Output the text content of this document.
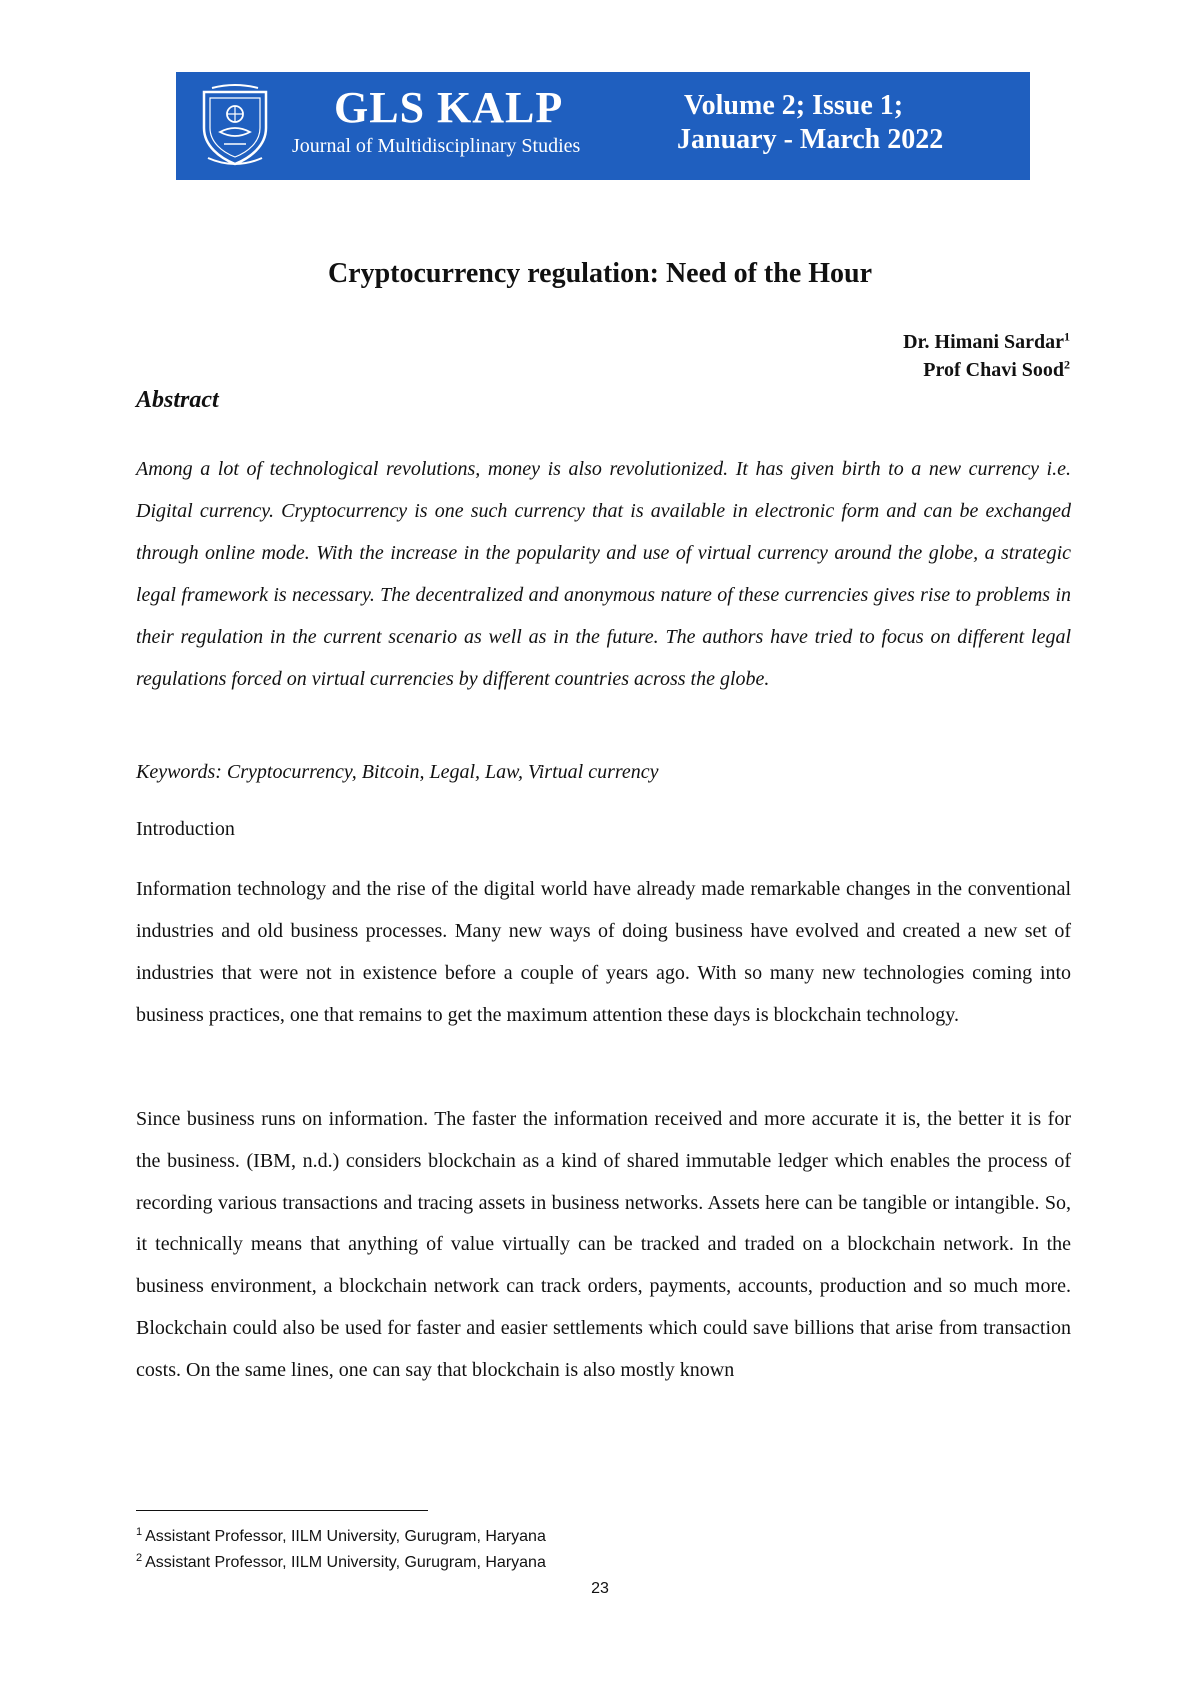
GLS KALP
Journal of Multidisciplinary Studies
Volume 2; Issue 1;
January - March 2022
Cryptocurrency regulation: Need of the Hour
Dr. Himani Sardar$^1$
Prof Chavi Sood$^2$
Abstract

Among a lot of technological revolutions, money is also revolutionized. It has given birth to a new currency i.e. Digital currency. Cryptocurrency is one such currency that is available in electronic form and can be exchanged through online mode. With the increase in the popularity and use of virtual currency around the globe, a strategic legal framework is necessary. The decentralized and anonymous nature of these currencies gives rise to problems in their regulation in the current scenario as well as in the future. The authors have tried to focus on different legal regulations forced on virtual currencies by different countries across the globe.

Keywords: Cryptocurrency, Bitcoin, Legal, Law, Virtual currency

Introduction

Information technology and the rise of the digital world have already made remarkable changes in the conventional industries and old business processes. Many new ways of doing business have evolved and created a new set of industries that were not in existence before a couple of years ago. With so many new technologies coming into business practices, one that remains to get the maximum attention these days is blockchain technology.

Since business runs on information. The faster the information received and more accurate it is, the better it is for the business. (IBM, n.d.) considers blockchain as a kind of shared immutable ledger which enables the process of recording various transactions and tracing assets in business networks. Assets here can be tangible or intangible. So, it technically means that anything of value virtually can be tracked and traded on a blockchain network. In the business environment, a blockchain network can track orders, payments, accounts, production and so much more. Blockchain could also be used for faster and easier settlements which could save billions that arise from transaction costs. On the same lines, one can say that blockchain is also mostly known

$^1$ Assistant Professor, IILM University, Gurugram, Haryana
$^2$ Assistant Professor, IILM University, Gurugram, Haryana
23
